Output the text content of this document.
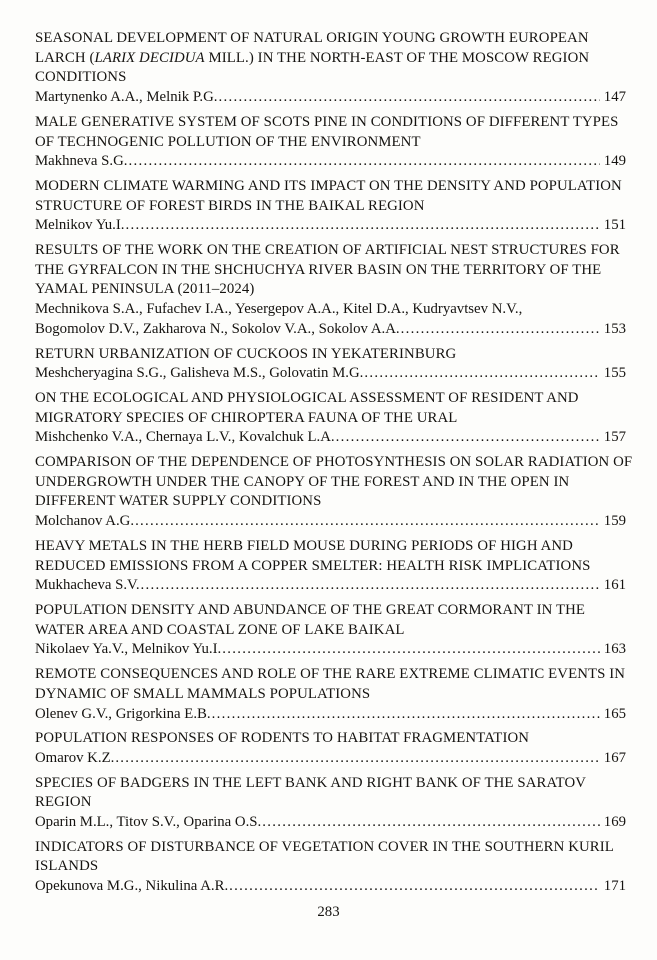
SEASONAL DEVELOPMENT OF NATURAL ORIGIN YOUNG GROWTH EUROPEAN
LARCH (LARIX DECIDUA MILL.) IN THE NORTH-EAST OF THE MOSCOW REGION
CONDITIONS
Martynenko A.A., Melnik P.G. .....	147
MALE GENERATIVE SYSTEM OF SCOTS PINE IN CONDITIONS OF DIFFERENT TYPES
OF TECHNOGENIC POLLUTION OF THE ENVIRONMENT
Makhneva S.G. .....	149
MODERN CLIMATE WARMING AND ITS IMPACT ON THE DENSITY AND POPULATION
STRUCTURE OF FOREST BIRDS IN THE BAIKAL REGION
Melnikov Yu.I. .....	151
RESULTS OF THE WORK ON THE CREATION OF ARTIFICIAL NEST STRUCTURES FOR
THE GYRFALCON IN THE SHCHUCHYA RIVER BASIN ON THE TERRITORY OF THE
YAMAL PENINSULA (2011–2024)
Mechnikova S.A., Fufachev I.A., Yesergepov A.A., Kitel D.A., Kudryavtsev N.V.,
Bogomolov D.V., Zakharova N., Sokolov V.A., Sokolov A.A. .....	153
RETURN URBANIZATION OF CUCKOOS IN YEKATERINBURG
Meshcheryagina S.G., Galisheva M.S., Golovatin M.G. .....	155
ON THE ECOLOGICAL AND PHYSIOLOGICAL ASSESSMENT OF RESIDENT AND
MIGRATORY SPECIES OF CHIROPTERA FAUNA OF THE URAL
Mishchenko V.A., Chernaya L.V., Kovalchuk L.A. .....	157
COMPARISON OF THE DEPENDENCE OF PHOTOSYNTHESIS ON SOLAR RADIATION OF
UNDERGROWTH UNDER THE CANOPY OF THE FOREST AND IN THE OPEN IN
DIFFERENT WATER SUPPLY CONDITIONS
Molchanov A.G. .....	159
HEAVY METALS IN THE HERB FIELD MOUSE DURING PERIODS OF HIGH AND
REDUCED EMISSIONS FROM A COPPER SMELTER: HEALTH RISK IMPLICATIONS
Mukhacheva S.V. .....	161
POPULATION DENSITY AND ABUNDANCE OF THE GREAT CORMORANT IN THE
WATER AREA AND COASTAL ZONE OF LAKE BAIKAL
Nikolaev Ya.V., Melnikov Yu.I. .....	163
REMOTE CONSEQUENCES AND ROLE OF THE RARE EXTREME CLIMATIC EVENTS IN
DYNAMIC OF SMALL MAMMALS POPULATIONS
Olenev G.V., Grigorkina E.B. .....	165
POPULATION RESPONSES OF RODENTS TO HABITAT FRAGMENTATION
Omarov K.Z. .....	167
SPECIES OF BADGERS IN THE LEFT BANK AND RIGHT BANK OF THE SARATOV
REGION
Oparin M.L., Titov S.V., Oparina O.S. .....	169
INDICATORS OF DISTURBANCE OF VEGETATION COVER IN THE SOUTHERN KURIL
ISLANDS
Opekunova M.G., Nikulina A.R. .....	171
283
